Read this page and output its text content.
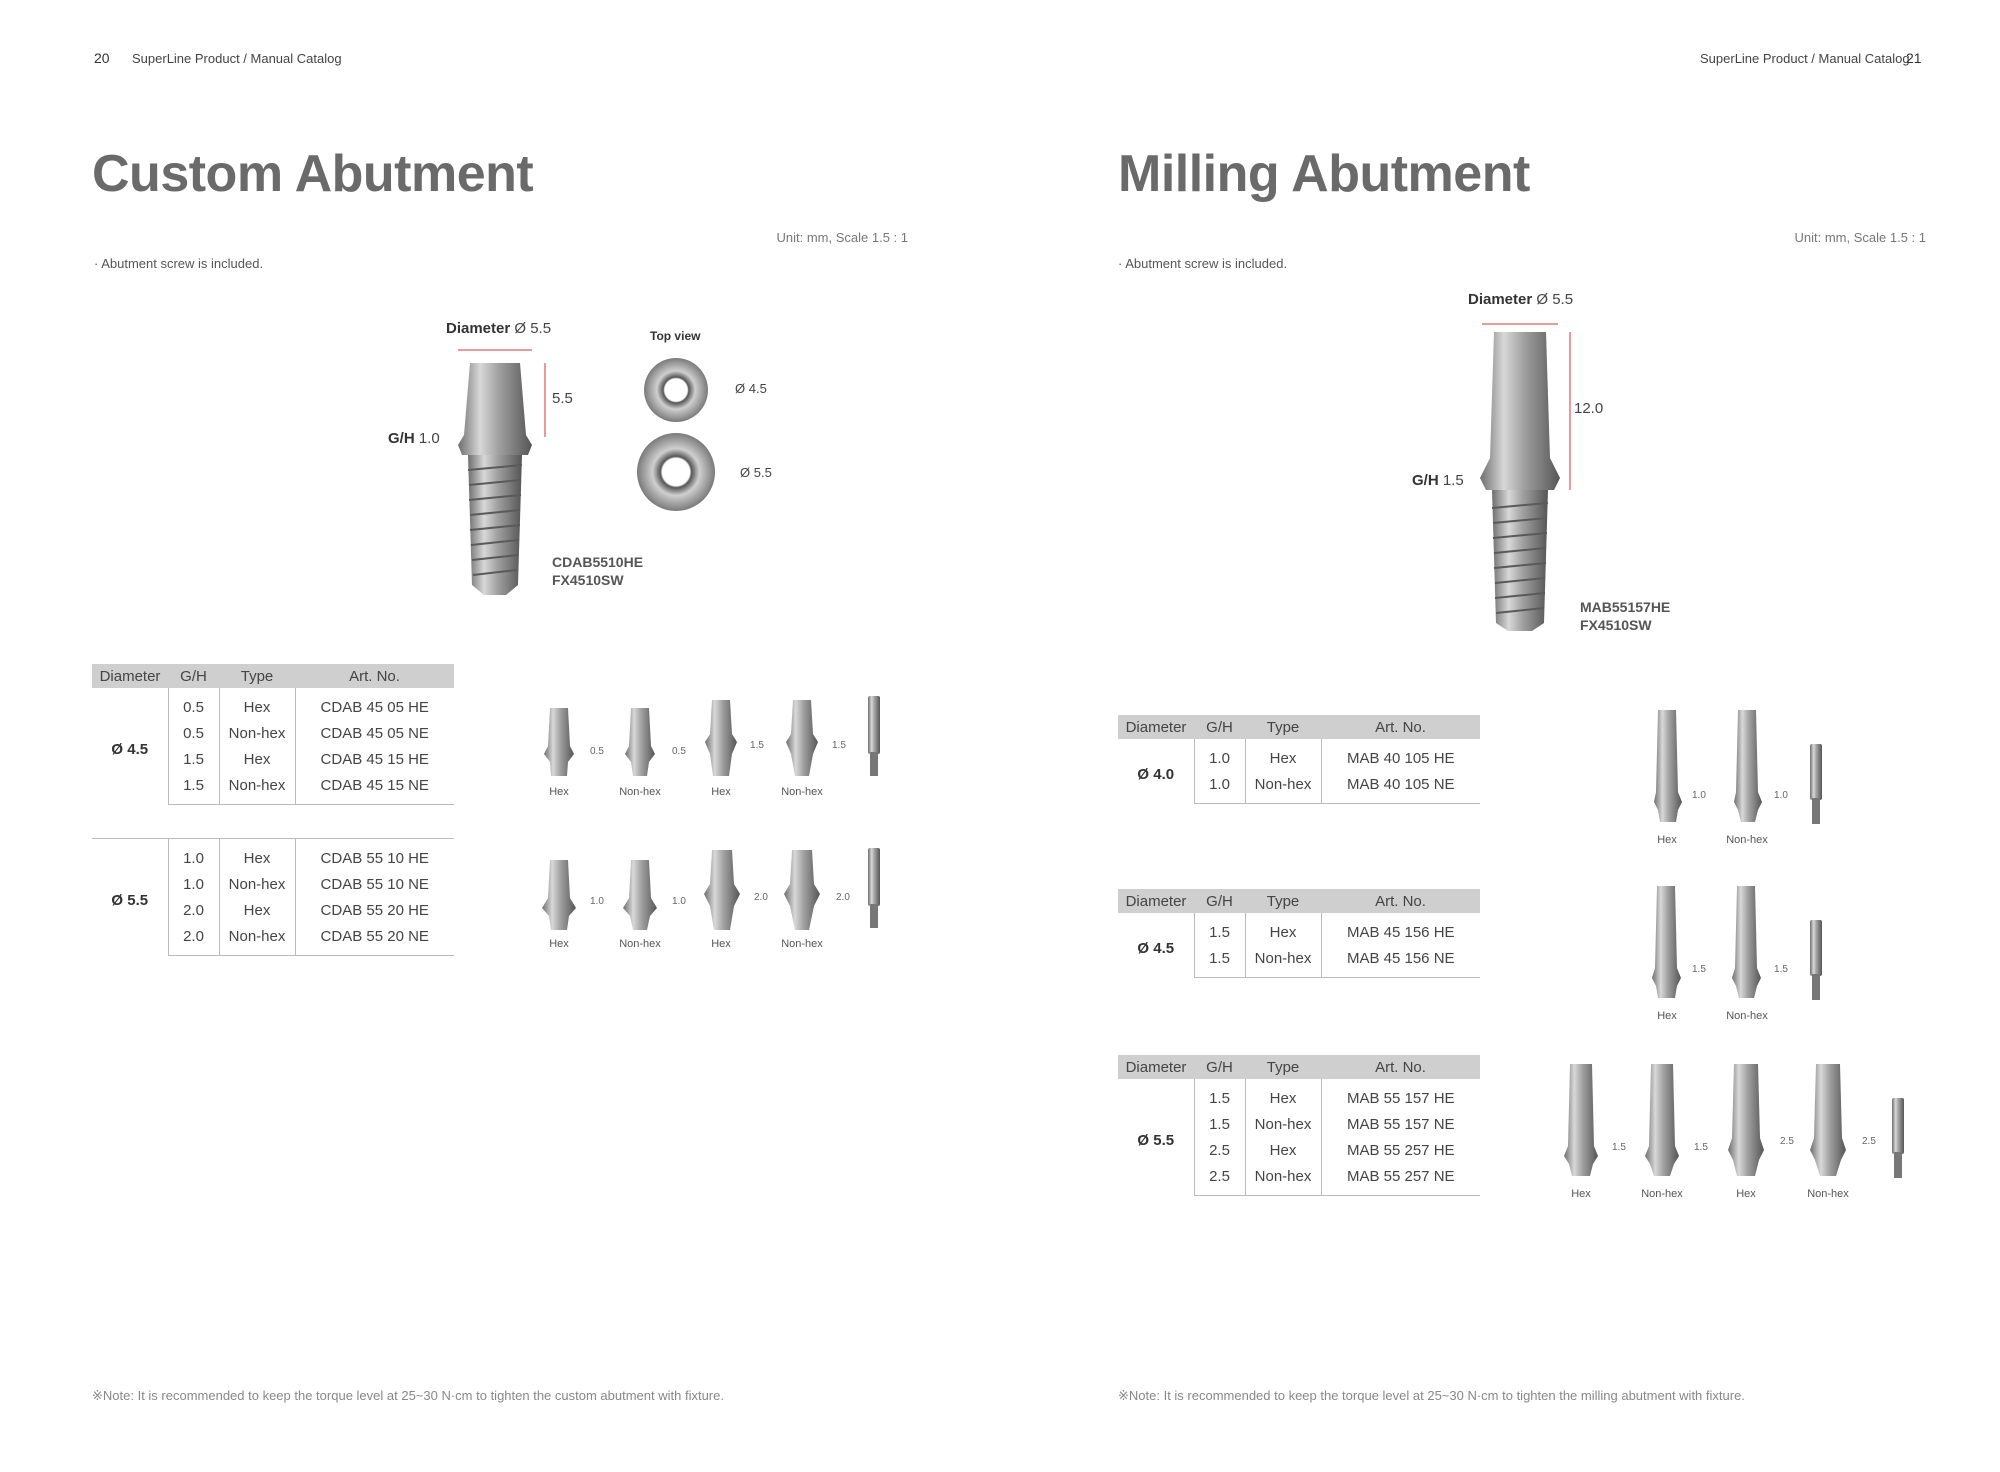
20 SuperLine Product / Manual Catalog
Custom Abutment
Unit: mm, Scale 1.5 : 1
· Abutment screw is included.
Diameter Ø 5.5
5.5
G/H 1.0
CDAB5510HE
FX4510SW
Top view
Ø 4.5
Ø 5.5
Diameter	G/H	Type	Art. No.
Ø 4.5	0.5	Hex	CDAB 45 05 HE
	0.5	Non-hex	CDAB 45 05 NE
	1.5	Hex	CDAB 45 15 HE
	1.5	Non-hex	CDAB 45 15 NE
Ø 5.5	1.0	Hex	CDAB 55 10 HE
	1.0	Non-hex	CDAB 55 10 NE
	2.0	Hex	CDAB 55 20 HE
	2.0	Non-hex	CDAB 55 20 NE
0.5
Hex
0.5
Non-hex
1.5
Hex
1.5
Non-hex
1.0
Hex
1.0
Non-hex
2.0
Hex
2.0
Non-hex
※Note: It is recommended to keep the torque level at 25~30 N·cm to tighten the custom abutment with fixture.
SuperLine Product / Manual Catalog
21
Milling Abutment
Unit: mm, Scale 1.5 : 1
· Abutment screw is included.
Diameter Ø 5.5
12.0
G/H 1.5
MAB55157HE
FX4510SW
Diameter	G/H	Type	Art. No.
Ø 4.0	1.0	Hex	MAB 40 105 HE
	1.0	Non-hex	MAB 40 105 NE
Diameter	G/H	Type	Art. No.
Ø 4.5	1.5	Hex	MAB 45 156 HE
	1.5	Non-hex	MAB 45 156 NE
Diameter	G/H	Type	Art. No.
Ø 5.5	1.5	Hex	MAB 55 157 HE
	1.5	Non-hex	MAB 55 157 NE
	2.5	Hex	MAB 55 257 HE
	2.5	Non-hex	MAB 55 257 NE
1.0
Hex
1.0
Non-hex
1.5
Hex
1.5
Non-hex
1.5
Hex
1.5
Non-hex
2.5
Hex
2.5
Non-hex
※Note: It is recommended to keep the torque level at 25~30 N·cm to tighten the milling abutment with fixture.
